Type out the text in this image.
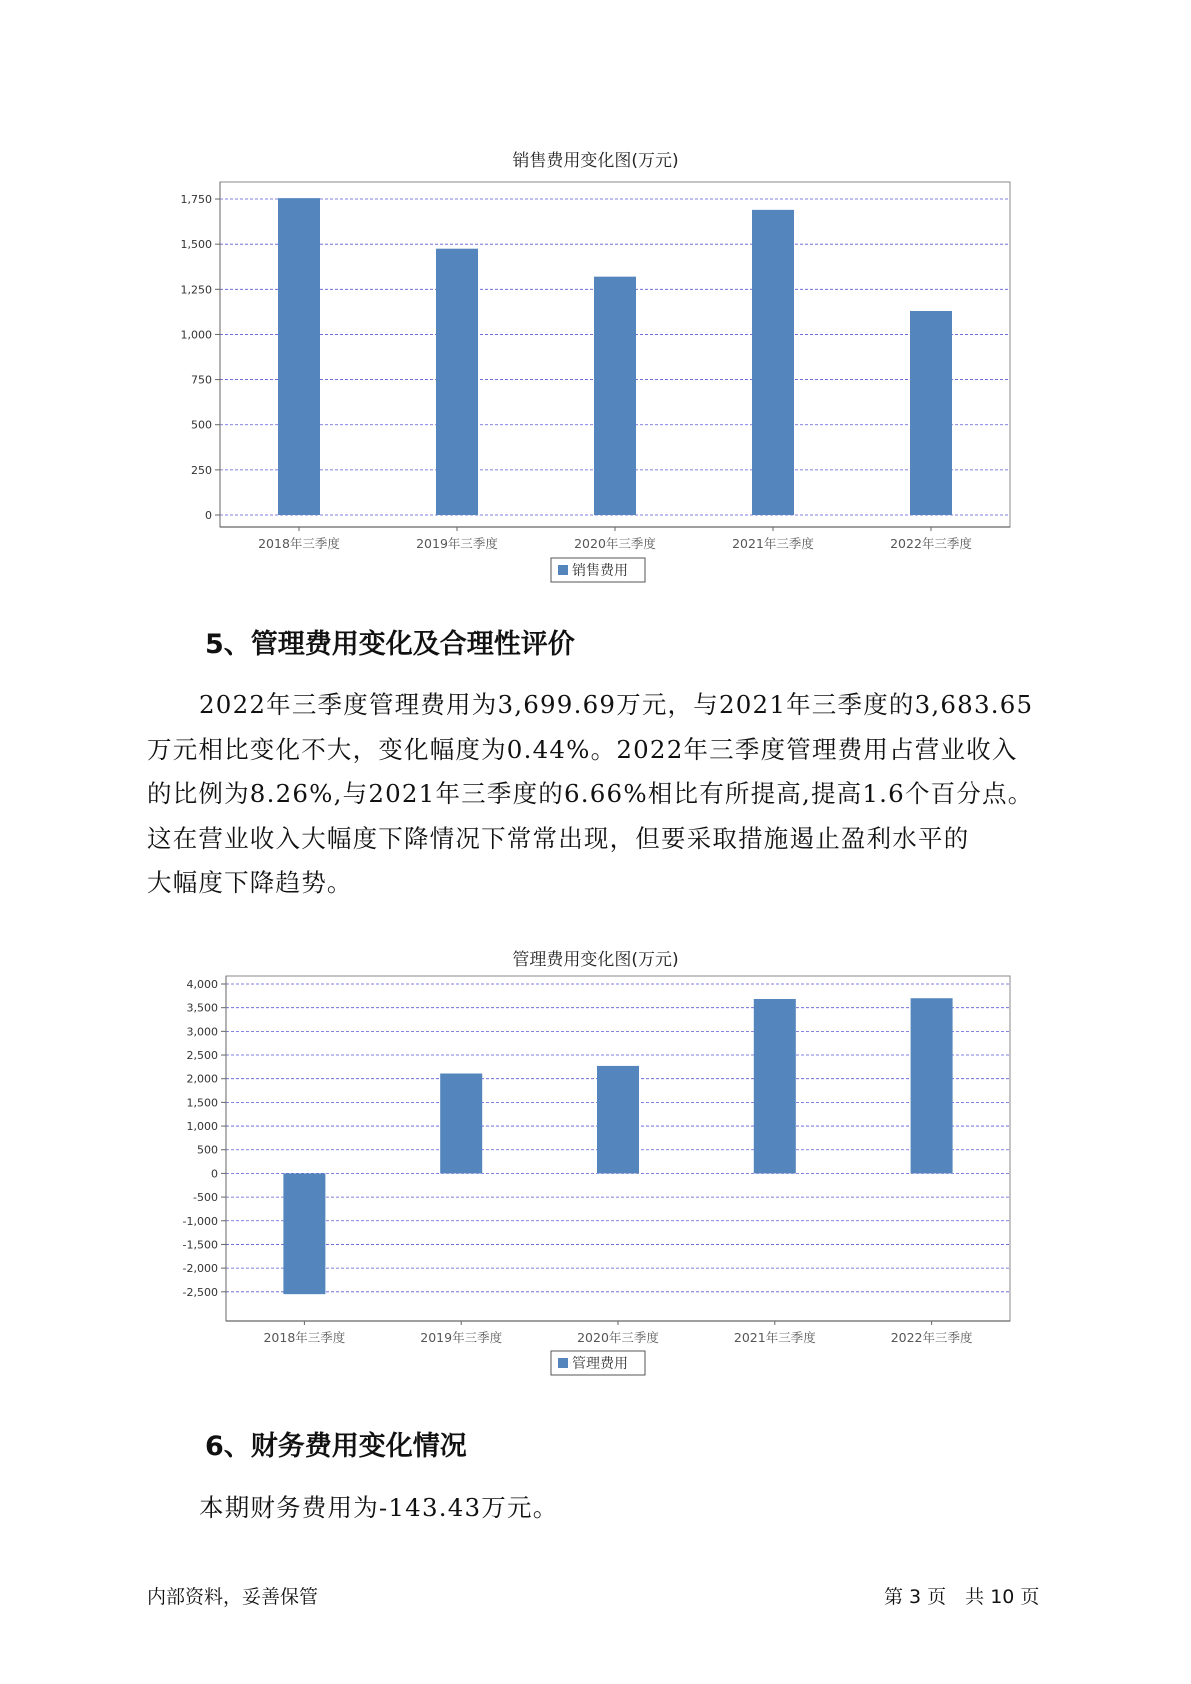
销售费用变化图(万元)
0
250
500
750
1,000
1,250
1,500
1,750
2018年三季度	2019年三季度	2020年三季度	2021年三季度	2022年三季度
销售费用
5、管理费用变化及合理性评价
2022年三季度管理费用为3,699.69万元，与2021年三季度的3,683.65
万元相比变化不大，变化幅度为0.44%。2022年三季度管理费用占营业收入
的比例为8.26%,与2021年三季度的6.66%相比有所提高,提高1.6个百分点。
这在营业收入大幅度下降情况下常常出现，但要采取措施遏止盈利水平的
大幅度下降趋势。
管理费用变化图(万元)
-2,500
-2,000
-1,500
-1,000
-500
0
500
1,000
1,500
2,000
2,500
3,000
3,500
4,000
2018年三季度	2019年三季度	2020年三季度	2021年三季度	2022年三季度
管理费用
6、财务费用变化情况
本期财务费用为-143.43万元。
内部资料，妥善保管	第 3 页　共 10 页
